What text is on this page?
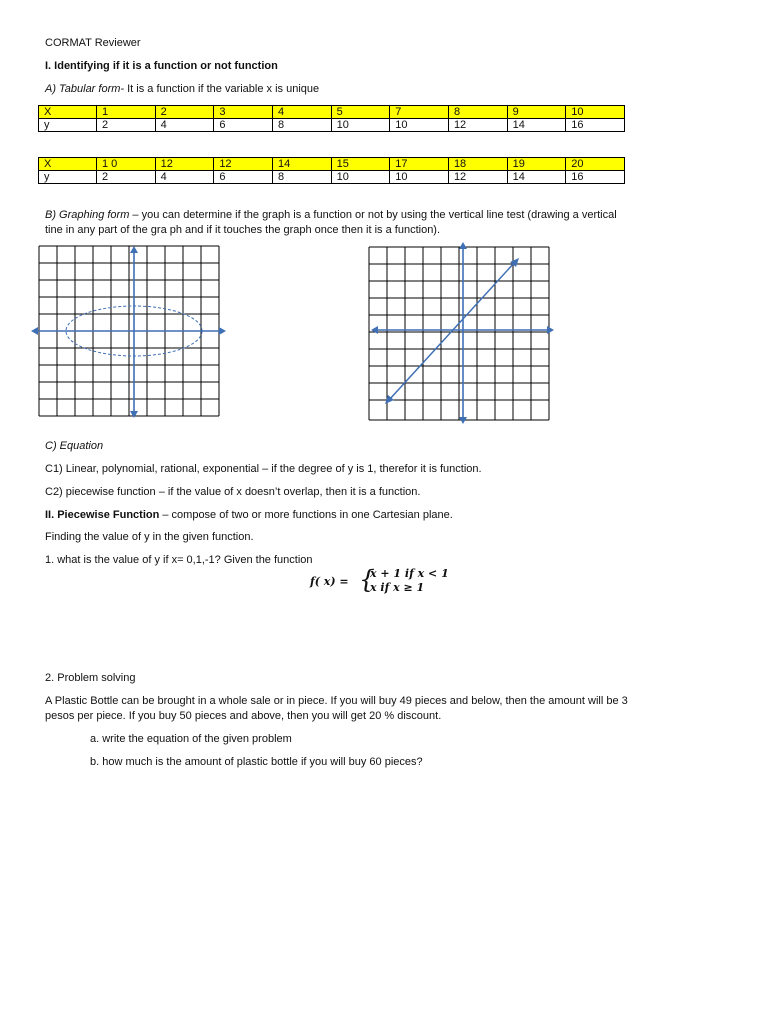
CORMAT Reviewer
I. Identifying if it is a function or not function
A) Tabular form- It is a function if the variable x is unique
X	1	2	3	4	5	7	8	9	10
y	2	4	6	8	10	10	12	14	16
X	1 0	12	12	14	15	17	18	19	20
y	2	4	6	8	10	10	12	14	16
B) Graphing form – you can determine if the graph is a function or not by using the vertical line test (drawing a vertical
tine in any part of the gra ph and if it touches the graph once then it is a function).
C) Equation
C1) Linear, polynomial, rational, exponential – if the degree of y is 1, therefor it is function.
C2) piecewise function – if the value of x doesn’t overlap, then it is a function.
II. Piecewise Function – compose of two or more functions in one Cartesian plane.
Finding the value of y in the given function.
1. what is the value of y if x= 0,1,-1? Given the function
f( x) = {
x + 1 if x < 1
x if x ≥ 1
2. Problem solving
A Plastic Bottle can be brought in a whole sale or in piece. If you will buy 49 pieces and below, then the amount will be 3
pesos per piece. If you buy 50 pieces and above, then you will get 20 % discount.
a. write the equation of the given problem
b. how much is the amount of plastic bottle if you will buy 60 pieces?
